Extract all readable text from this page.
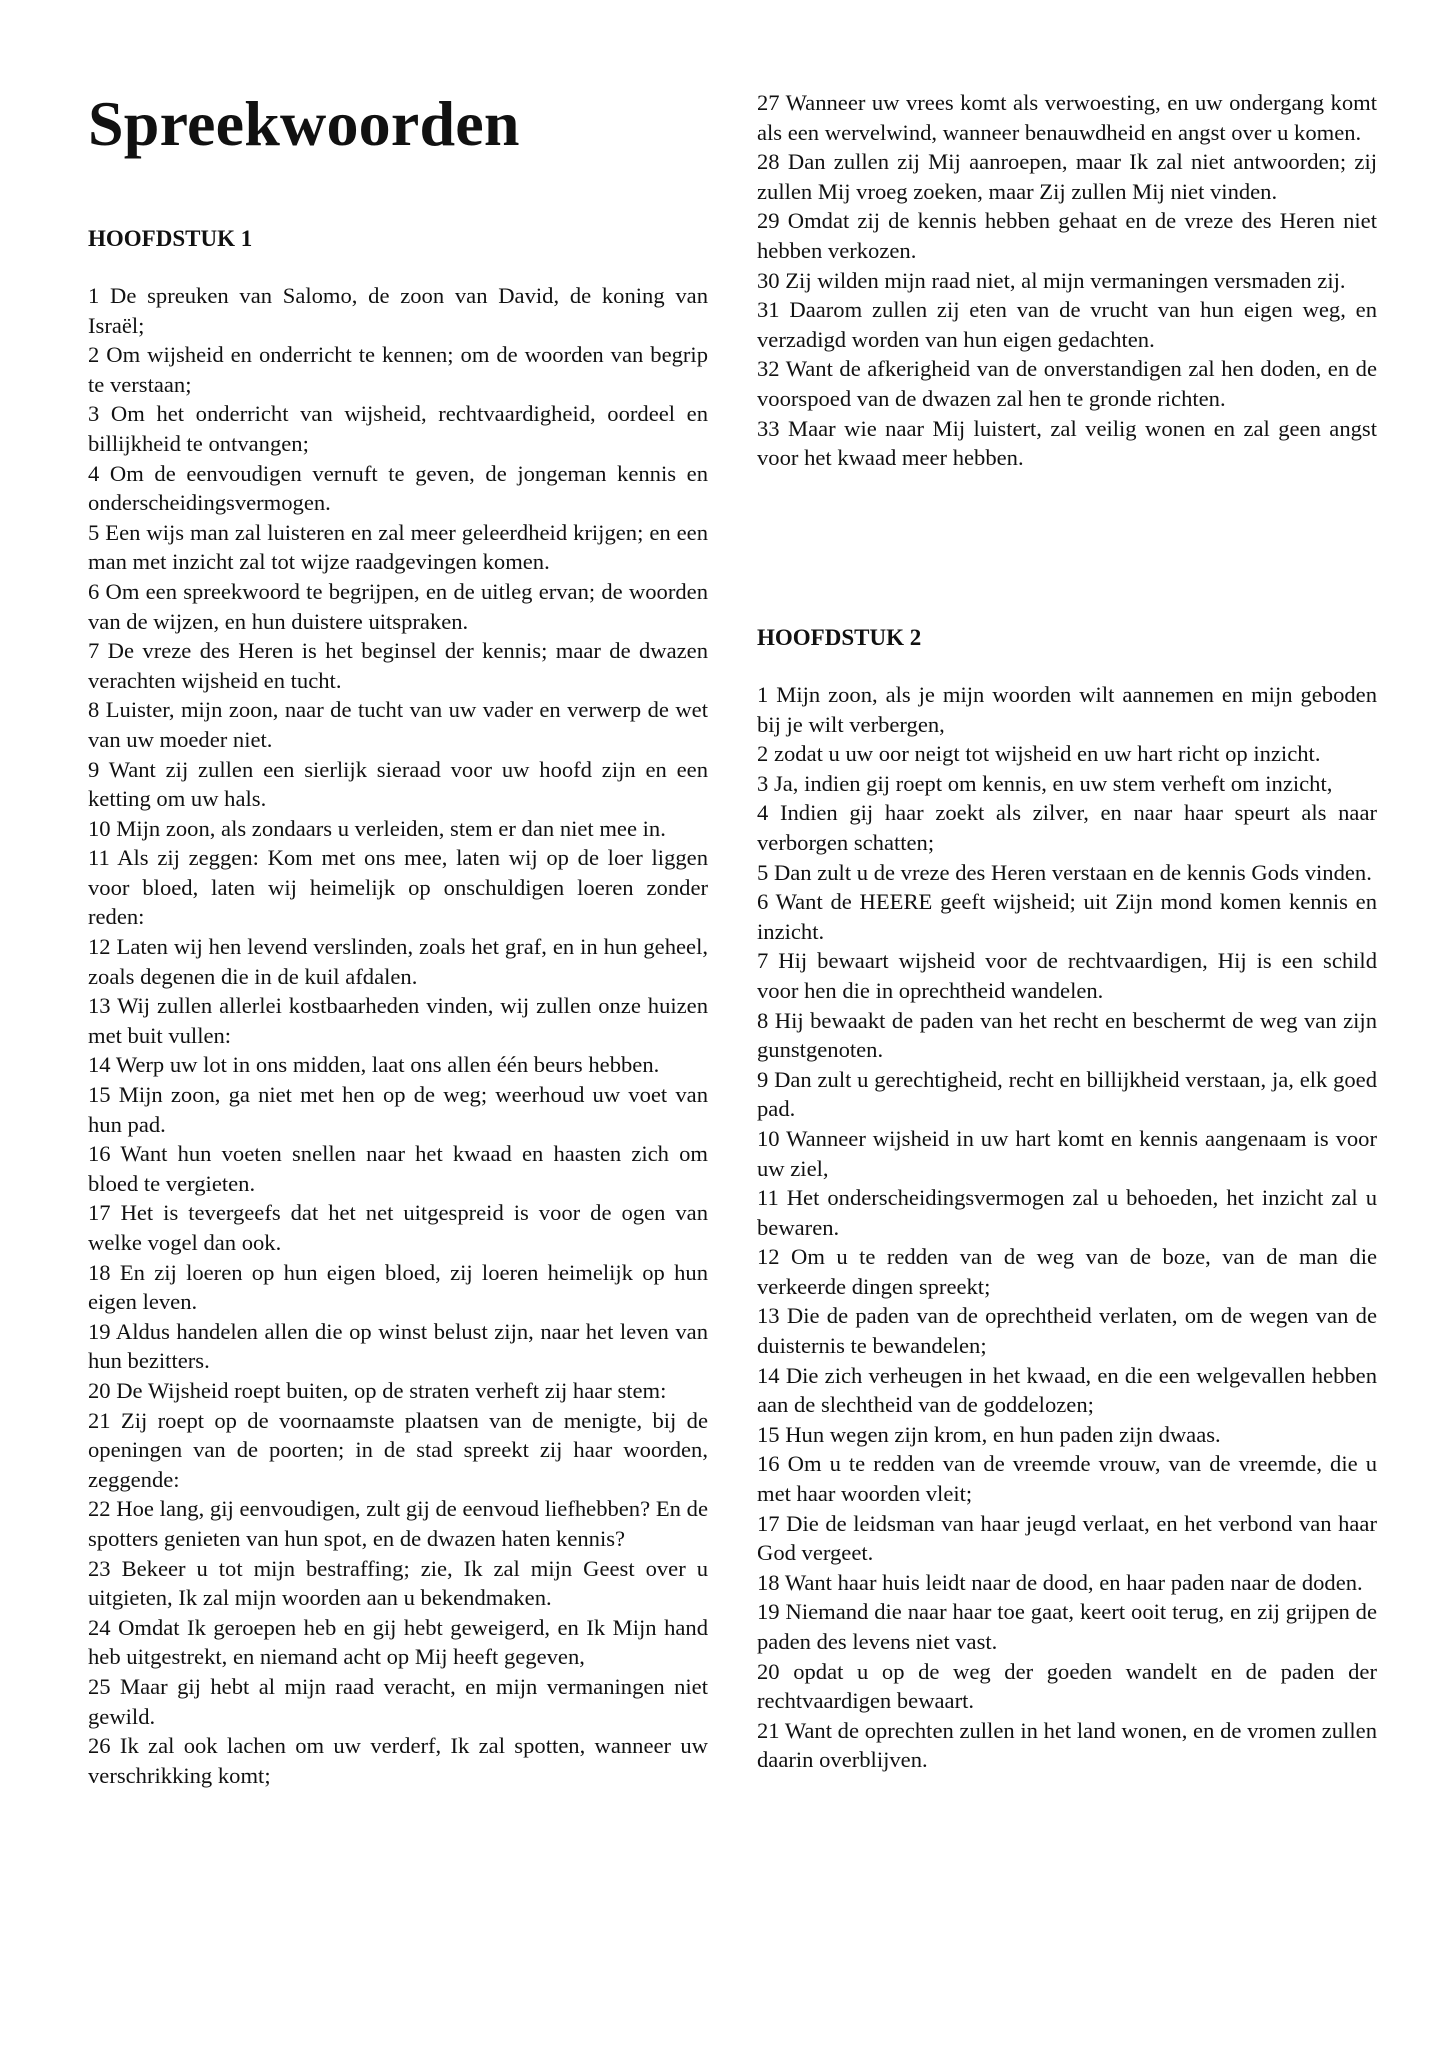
Spreekwoorden
HOOFDSTUK 1

1 De spreuken van Salomo, de zoon van David, de koning van Israël;

2 Om wijsheid en onderricht te kennen; om de woorden van begrip te verstaan;

3 Om het onderricht van wijsheid, rechtvaardigheid, oordeel en billijkheid te ontvangen;

4 Om de eenvoudigen vernuft te geven, de jongeman kennis en onderscheidingsvermogen.

5 Een wijs man zal luisteren en zal meer geleerdheid krijgen; en een man met inzicht zal tot wijze raadgevingen komen.

6 Om een spreekwoord te begrijpen, en de uitleg ervan; de woorden van de wijzen, en hun duistere uitspraken.

7 De vreze des Heren is het beginsel der kennis; maar de dwazen verachten wijsheid en tucht.

8 Luister, mijn zoon, naar de tucht van uw vader en verwerp de wet van uw moeder niet.

9 Want zij zullen een sierlijk sieraad voor uw hoofd zijn en een ketting om uw hals.

10 Mijn zoon, als zondaars u verleiden, stem er dan niet mee in.

11 Als zij zeggen: Kom met ons mee, laten wij op de loer liggen voor bloed, laten wij heimelijk op onschuldigen loeren zonder reden:

12 Laten wij hen levend verslinden, zoals het graf, en in hun geheel, zoals degenen die in de kuil afdalen.

13 Wij zullen allerlei kostbaarheden vinden, wij zullen onze huizen met buit vullen:

14 Werp uw lot in ons midden, laat ons allen één beurs hebben.

15 Mijn zoon, ga niet met hen op de weg; weerhoud uw voet van hun pad.

16 Want hun voeten snellen naar het kwaad en haasten zich om bloed te vergieten.

17 Het is tevergeefs dat het net uitgespreid is voor de ogen van welke vogel dan ook.

18 En zij loeren op hun eigen bloed, zij loeren heimelijk op hun eigen leven.

19 Aldus handelen allen die op winst belust zijn, naar het leven van hun bezitters.

20 De Wijsheid roept buiten, op de straten verheft zij haar stem:

21 Zij roept op de voornaamste plaatsen van de menigte, bij de openingen van de poorten; in de stad spreekt zij haar woorden, zeggende:

22 Hoe lang, gij eenvoudigen, zult gij de eenvoud liefhebben? En de spotters genieten van hun spot, en de dwazen haten kennis?

23 Bekeer u tot mijn bestraffing; zie, Ik zal mijn Geest over u uitgieten, Ik zal mijn woorden aan u bekendmaken.

24 Omdat Ik geroepen heb en gij hebt geweigerd, en Ik Mijn hand heb uitgestrekt, en niemand acht op Mij heeft gegeven,

25 Maar gij hebt al mijn raad veracht, en mijn vermaningen niet gewild.

26 Ik zal ook lachen om uw verderf, Ik zal spotten, wanneer uw verschrikking komt;

27 Wanneer uw vrees komt als verwoesting, en uw ondergang komt als een wervelwind, wanneer benauwdheid en angst over u komen.

28 Dan zullen zij Mij aanroepen, maar Ik zal niet antwoorden; zij zullen Mij vroeg zoeken, maar Zij zullen Mij niet vinden.

29 Omdat zij de kennis hebben gehaat en de vreze des Heren niet hebben verkozen.

30 Zij wilden mijn raad niet, al mijn vermaningen versmaden zij.

31 Daarom zullen zij eten van de vrucht van hun eigen weg, en verzadigd worden van hun eigen gedachten.

32 Want de afkerigheid van de onverstandigen zal hen doden, en de voorspoed van de dwazen zal hen te gronde richten.

33 Maar wie naar Mij luistert, zal veilig wonen en zal geen angst voor het kwaad meer hebben.

HOOFDSTUK 2

1 Mijn zoon, als je mijn woorden wilt aannemen en mijn geboden bij je wilt verbergen,

2 zodat u uw oor neigt tot wijsheid en uw hart richt op inzicht.

3 Ja, indien gij roept om kennis, en uw stem verheft om inzicht,

4 Indien gij haar zoekt als zilver, en naar haar speurt als naar verborgen schatten;

5 Dan zult u de vreze des Heren verstaan en de kennis Gods vinden.

6 Want de HEERE geeft wijsheid; uit Zijn mond komen kennis en inzicht.

7 Hij bewaart wijsheid voor de rechtvaardigen, Hij is een schild voor hen die in oprechtheid wandelen.

8 Hij bewaakt de paden van het recht en beschermt de weg van zijn gunstgenoten.

9 Dan zult u gerechtigheid, recht en billijkheid verstaan, ja, elk goed pad.

10 Wanneer wijsheid in uw hart komt en kennis aangenaam is voor uw ziel,

11 Het onderscheidingsvermogen zal u behoeden, het inzicht zal u bewaren.

12 Om u te redden van de weg van de boze, van de man die verkeerde dingen spreekt;

13 Die de paden van de oprechtheid verlaten, om de wegen van de duisternis te bewandelen;

14 Die zich verheugen in het kwaad, en die een welgevallen hebben aan de slechtheid van de goddelozen;

15 Hun wegen zijn krom, en hun paden zijn dwaas.

16 Om u te redden van de vreemde vrouw, van de vreemde, die u met haar woorden vleit;

17 Die de leidsman van haar jeugd verlaat, en het verbond van haar God vergeet.

18 Want haar huis leidt naar de dood, en haar paden naar de doden.

19 Niemand die naar haar toe gaat, keert ooit terug, en zij grijpen de paden des levens niet vast.

20 opdat u op de weg der goeden wandelt en de paden der rechtvaardigen bewaart.

21 Want de oprechten zullen in het land wonen, en de vromen zullen daarin overblijven.
